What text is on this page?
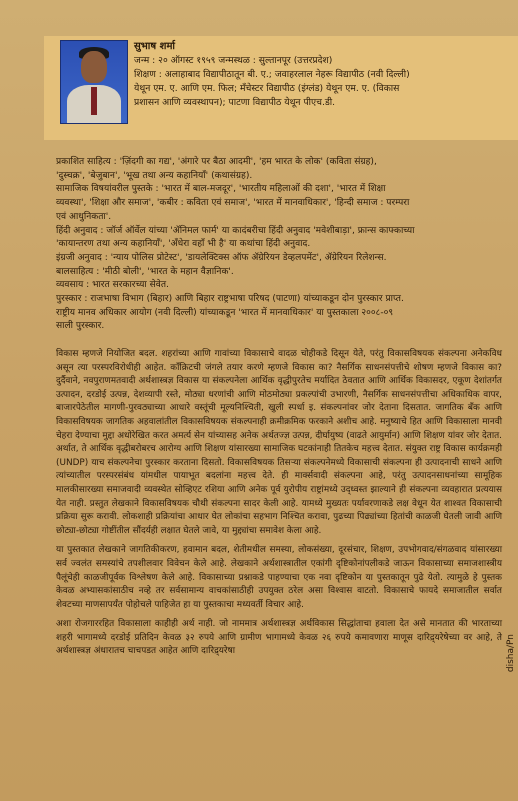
सुभाष शर्मा
जन्म : २० ऑगस्ट १९५९ जन्मस्थळ : सुल्तानपूर (उत्तरप्रदेश)
शिक्षण : अलाहाबाद विद्यापीठातून बी. ए.; जवाहरलाल नेहरू विद्यापीठ (नवी दिल्ली)
येथून एम. ए. आणि एम. फिल; मँचेस्टर विद्यापीठ (इंग्लंड) येथून एम. ए. (विकास
प्रशासन आणि व्यवस्थापन); पाटणा विद्यापीठ येथून पीएच.डी.

प्रकाशित साहित्य : 'ज़िंदगी का गद्य', 'अंगारे पर बैठा आदमी', 'हम भारत के लोक' (कविता संग्रह),

'दुस्चक्र', 'बेजुबान', 'भूख तथा अन्य कहानियाँ' (कथासंग्रह).

सामाजिक विषयांवरील पुस्तके : 'भारत में बाल-मजदूर', 'भारतीय महिलाओं की दशा', 'भारत में शिक्षा

व्यवस्था', 'शिक्षा और समाज', 'कबीर : कविता एवं समाज', 'भारत में मानवाधिकार', 'हिन्दी समाज : परम्परा

एवं आधुनिकता'.

हिंदी अनुवाद : जॉर्ज ऑर्वेल यांच्या 'ॲनिमल फार्म' या कादंबरीचा हिंदी अनुवाद 'मवेशीबाड़ा', फ्रान्स काफ्काच्या

'कायान्तरण तथा अन्य कहानियाँ', 'अँधेरा वहाँ भी है' या कथांचा हिंदी अनुवाद.

इंग्रजी अनुवाद : 'न्याय पोलिस प्रोटेस्ट', 'डायलेक्टिक्स ऑफ ॲग्रेरियन डेव्हलपमेंट', ॲग्रेरियन रिलेशन्स.

बालसाहित्य : 'मीठी बोली', 'भारत के महान वैज्ञानिक'.

व्यवसाय : भारत सरकारच्या सेवेत.

पुरस्कार : राजभाषा विभाग (बिहार) आणि बिहार राष्ट्रभाषा परिषद (पाटणा) यांच्याकडून दोन पुरस्कार प्राप्त.

राष्ट्रीय मानव अधिकार आयोग (नवी दिल्ली) यांच्याकडून 'भारत में मानवाधिकार' या पुस्तकाला २००८-०९

साली पुरस्कार.

विकास म्हणजे नियोजित बदल. शहरांच्या आणि गावांच्या विकासाचे वादळ चोहीकडे दिसून येते, परंतु विकासविषयक संकल्पना अनेकविध असून त्या परस्परविरोधीही आहेत. काँक्रिटची जंगले तयार करणे म्हणजे विकास का? नैसर्गिक साधनसंपत्तीचे शोषण म्हणजे विकास का? दुर्दैवाने, नवपुराणमतवादी अर्थशास्त्रज्ञ विकास या संकल्पनेला आर्थिक वृद्धीपुरतेच मर्यादित ठेवतात आणि आर्थिक विकासदर, एकूण देशांतर्गत उत्पादन, दरडोई उत्पन्न, देशव्यापी रस्ते, मोठ्या धरणांची आणि मोठमोठ्या प्रकल्पांची उभारणी, नैसर्गिक साधनसंपत्तीचा अधिकाधिक वापर, बाजारपेठेतील मागणी-पुरवठ्याच्या आधारे वस्तूंची मूल्यनिश्चिती, खुली स्पर्धा इ. संकल्पनांवर जोर देताना दिसतात. जागतिक बँक आणि विकासविषयक जागतिक अहवालांतील विकासविषयक संकल्पनाही क्रमीक्रमिक फरकाने अशीच आहे. मनुष्याचे हित आणि विकासाला मानवी चेहरा देण्याचा मुद्दा अधोरेखित करत अमर्त्य सेन यांच्यासह अनेक अर्थतज्ज्ञ उत्पन्न, दीर्घायुष्य (वाढते आयुर्मान) आणि शिक्षण यांवर जोर देतात. अर्थात, ते आर्थिक वृद्धीबरोबरच आरोग्य आणि शिक्षण यांसारख्या सामाजिक घटकांनाही तितकेच महत्त्व देतात. संयुक्त राष्ट्र विकास कार्यक्रमही (UNDP) याच संकल्पनेचा पुरस्कार करताना दिसतो. विकासविषयक तिसऱ्या संकल्पनेमध्ये विकासाची संकल्पना ही उत्पादनाची साधने आणि त्यांच्यातील परस्परसंबंध यांमधील पायाभूत बदलांना महत्त्व देते. ही मार्क्सवादी संकल्पना आहे, परंतु उत्पादनसाधनांच्या सामूहिक मालकीसारख्या समाजवादी व्यवस्थेत सोव्हिएट रशिया आणि अनेक पूर्व युरोपीय राष्ट्रांमध्ये उद्ध्वस्त झाल्याने ही संकल्पना व्यवहारात प्रत्ययास येत नाही. प्रस्तुत लेखकाने विकासविषयक चौथी संकल्पना सादर केली आहे. यामध्ये मुख्यतः पर्यावरणाकडे लक्ष वेधून येत शाश्वत विकासाची प्रक्रिया सुरू करावी. लोकशाही प्रक्रियांचा आधार घेत लोकांचा सहभाग निश्चित करावा, पुढच्या पिढ्यांच्या हितांची काळजी घेतली जावी आणि छोट्या-छोट्या गोष्टींतील सौंदर्यही लक्षात घेतले जावे, या मुद्द्यांचा समावेश केला आहे.

या पुस्तकात लेखकाने जागतिकीकरण, हवामान बदल, शेतीमधील समस्या, लोकसंख्या, दूरसंचार, शिक्षण, उपभोगवाद/संगळवाद यांसारख्या सर्व ज्वलंत समस्यांचे तपशीलवार विवेचन केले आहे. लेखकाने अर्थशास्त्रातील एकांगी दृष्टिकोनांपलीकडे जाऊन विकासाच्या समाजशास्त्रीय पैलूंचेही काळजीपूर्वक विश्लेषण केले आहे. विकासाच्या प्रश्नाकडे पाहण्याचा एक नवा दृष्टिकोन या पुस्तकातून पुढे येतो. त्यामुळे हे पुस्तक केवळ अभ्यासकांसाठीच नव्हे तर सर्वसामान्य वाचकांसाठीही उपयुक्त ठरेल असा विश्वास वाटतो. विकासाचे फायदे समाजातील सर्वात शेवटच्या माणसापर्यंत पोहोचले पाहिजेत हा या पुस्तकाचा मध्यवर्ती विचार आहे.

अशा रोजगाररहित विकासाला काहीही अर्थ नाही. जो नाममात्र अर्थशास्त्रज्ञ अर्थविकास सिद्धांताचा हवाला देत असे मानतात की भारताच्या शहरी भागामध्ये दरडोई प्रतिदिन केवळ ३२ रुपये आणि ग्रामीण भागामध्ये केवळ २६ रुपये कमावणारा माणूस दारिद्र्यरेषेच्या वर आहे, ते अर्थशास्त्रज्ञ अंधारातच चाचपडत आहेत आणि दारिद्र्यरेषा	disha/Pn
